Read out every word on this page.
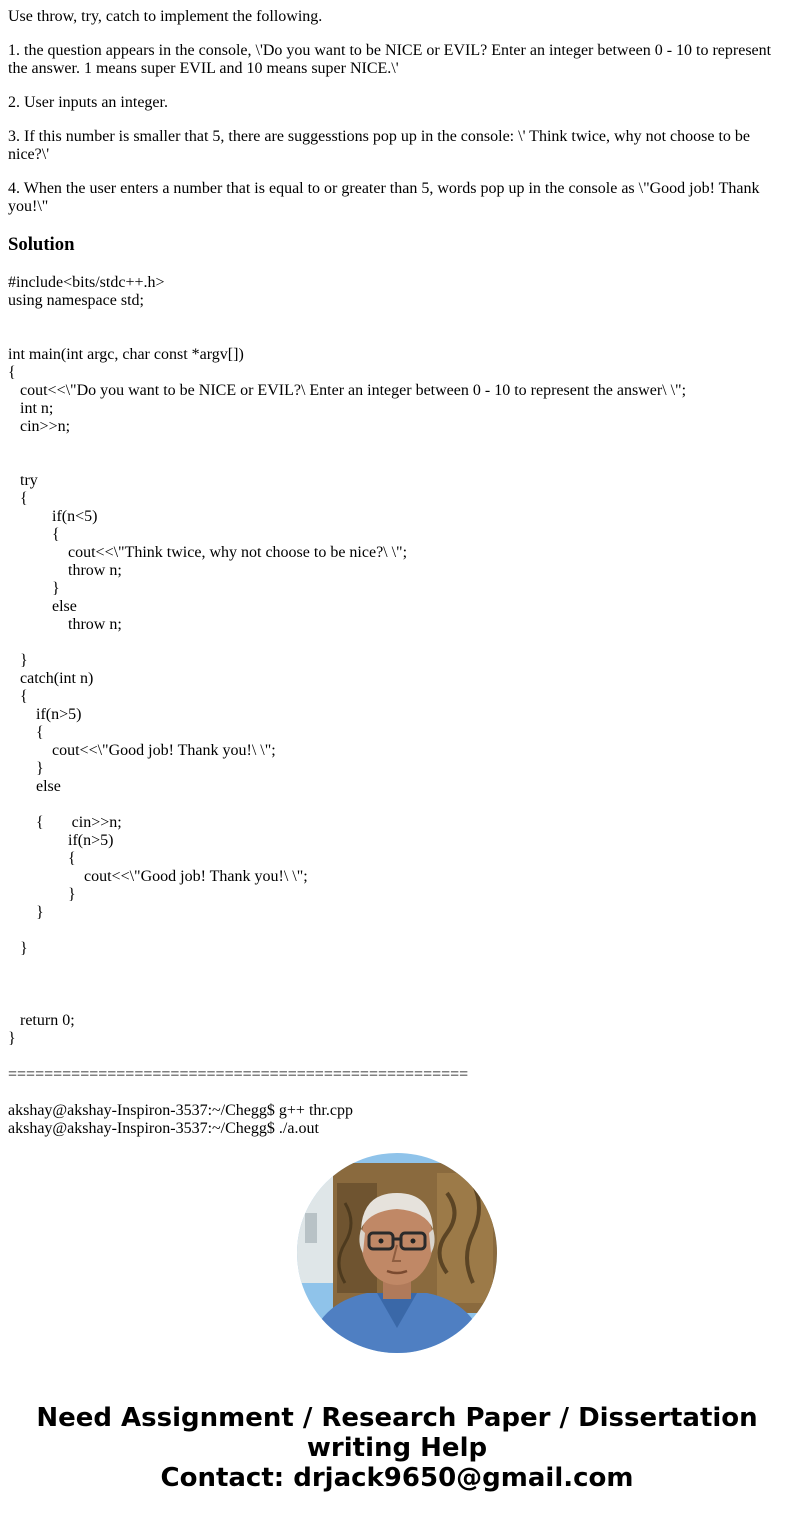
Use throw, try, catch to implement the following.

1. the question appears in the console, \'Do you want to be NICE or EVIL? Enter an integer between 0 - 10 to represent the answer. 1 means super EVIL and 10 means super NICE.\'

2. User inputs an integer.

3. If this number is smaller that 5, there are suggesstions pop up in the console: \' Think twice, why not choose to be nice?\'

4. When the user enters a number that is equal to or greater than 5, words pop up in the console as \"Good job! Thank you!\"

Solution
#include<bits/stdc++.h>
using namespace std;

int main(int argc, char const *argv[])
{
cout<<\"Do you want to be NICE or EVIL?\ Enter an integer between 0 - 10 to represent the answer\ \";
int n;
cin>>n;

try
{
if(n<5)
{
cout<<\"Think twice, why not choose to be nice?\ \";
throw n;
}
else
throw n;

}
catch(int n)
{
if(n>5)
{
cout<<\"Good job! Thank you!\ \";
}
else

{       cin>>n;
if(n>5)
{
cout<<\"Good job! Thank you!\ \";
}
}

}

return 0;
}

===================================================

akshay@akshay-Inspiron-3537:~/Chegg$ g++ thr.cpp
akshay@akshay-Inspiron-3537:~/Chegg$ ./a.out
Need Assignment / Research Paper / Dissertation
writing Help
Contact: drjack9650@gmail.com
